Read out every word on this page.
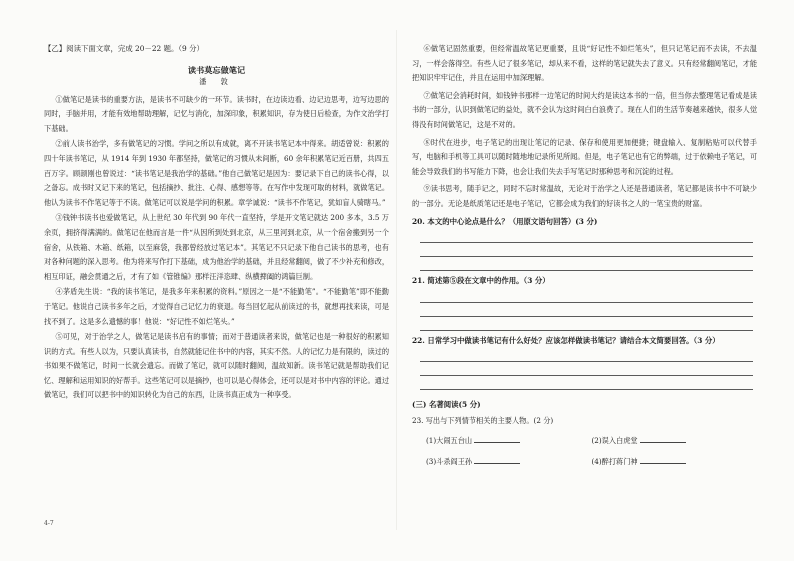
【乙】阅读下面文章，完成 20－22 题。（9 分）
读书莫忘做笔记
潘 敦

①做笔记是读书的重要方法，是读书不可缺少的一环节。读书时，在边读边看、边记边思考，边写边思的同时，手脑并用，才能有效地帮助理解，记忆与消化，加深印象，积累知识，存为使日后检查，为作文治学打下基础。

②前人读书治学，多有做笔记的习惯。学问之所以有成就，离不开读书笔记本中得来。胡适曾说：积累的四十年读书笔记，从 1914 年到 1930 年都坚持，做笔记的习惯从未间断，60 余年积累笔记近百册，共四五百万字。顾颉刚也曾说过：“读书笔记是我治学的基础。”他自己做笔记是因为：要记录下自己的读书心得，以之备忘。成书时又记下来的笔记，包括摘抄、批注、心得、感想等等。在写作中发现可取的材料，就做笔记。他认为读书不作笔记等于不读。做笔记可以说是学问的积累。章学诚说：“读书不作笔记，犹如盲人骑瞎马。”

③钱钟书读书也爱做笔记，从上世纪 30 年代到 90 年代一直坚持，学是开文笔记就达 200 多本，3.5 万余页，拥挤得满满的。做笔记在他而言是一件“从因所到处到北京，从三里河到北京，从一个宿舍搬到另一个宿舍，从铁箱、木箱、纸箱，以至麻袋，我都曾经放过笔记本”。其笔记不只记录下他自己读书的思考，也有对各种问题的深入思考。他为将来写作打下基础，成为他治学的基础，并且经常翻阅，做了不少补充和修改，相互印证，融会贯通之后，才有了如《管锥编》那样汪洋恣肆、纵横捭阖的鸿篇巨制。

④茅盾先生说：“我的读书笔记，是我多年来积累的资料。”原因之一是“不能勤笔”。“不能勤笔”即不能勤于笔记。他说自己读书多年之后，才觉得自己记忆力的衰退。每当回忆起从前读过的书，就想再找来读，可是找不到了。这是多么遗憾的事！他说：“好记性不如烂笔头。”

⑤可见，对于治学之人，做笔记是读书启有的事情；而对于普通读者来说，做笔记也是一种很好的积累知识的方式。有些人以为，只要认真读书，自然就能记住书中的内容，其实不然。人的记忆力是有限的，读过的书如果不做笔记，时间一长就会遗忘。而做了笔记，就可以随时翻阅，温故知新。读书笔记就是帮助我们记忆、理解和运用知识的好帮手。这些笔记可以是摘抄，也可以是心得体会，还可以是对书中内容的评论。通过做笔记，我们可以把书中的知识转化为自己的东西，让读书真正成为一种享受。

4-7

⑥做笔记固然重要，但经常温故笔记更重要，且说“好记性不如烂笔头”，但只记笔记而不去读，不去温习，一样会落得空。有些人记了很多笔记，却从来不看，这样的笔记就失去了意义。只有经常翻阅笔记，才能把知识牢牢记住，并且在运用中加深理解。

⑦做笔记会消耗时间，如钱钟书那样一边笔记的时间大约是读这本书的一倍，但当你去整理笔记看成是读书的一部分，认识到做笔记的益处，就不会认为这时间白白浪费了。现在人们的生活节奏越来越快，很多人觉得没有时间做笔记，这是不对的。

⑧时代在进步，电子笔记的出现让笔记的记录、保存和使用更加便捷；键盘输入、复制粘贴可以代替手写，电脑和手机等工具可以随时随地地记录所见所闻。但是，电子笔记也有它的弊端，过于依赖电子笔记，可能会导致我们的书写能力下降，也会让我们失去手写笔记时那种思考和沉淀的过程。

⑨读书思考，随手记之，同时不忘时常温故，无论对于治学之人还是普通读者，笔记都是读书中不可缺少的一部分。无论是纸质笔记还是电子笔记，它都会成为我们的好读书之人的一笔宝贵的财富。

20. 本文的中心论点是什么？（用原文语句回答）(3 分)
21. 简述第⑤段在文章中的作用。（3 分）
22. 日常学习中做读书笔记有什么好处？应该怎样做读书笔记？请结合本文简要回答。（3 分）
(三) 名著阅读(5 分)
23. 写出与下列情节相关的主要人物。(2 分)
(1)大闹五台山	(2)误入白虎堂
(3)斗杀阎王孙	(4)醉打蒋门神
